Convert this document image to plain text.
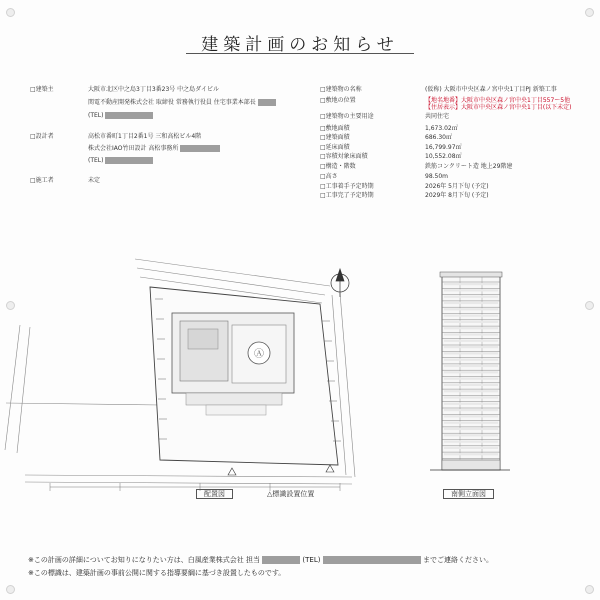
建築計画のお知らせ
□建築主	大阪市北区中之島3丁目3番23号 中之島ダイビル
関電不動産開発株式会社 取締役 常務執行役員 住宅事業本部長
(TEL)
□設計者	高松市番町1丁目2番1号 三和高松ビル4階
株式会社IAO竹田設計 高松事務所
(TEL)
□施工者	未定
□建築物の名称	(仮称) 大阪市中央区森ノ宮中央1丁目PJ 新築工事
□敷地の位置	【地名地番】大阪市中央区森ノ宮中央1丁目557ー5他
【住居表示】大阪市中央区森ノ宮中央1丁目(以下未定)
□建築物の主要用途	共同住宅
□敷地面積	1,673.02㎡
□建築面積	686.30㎡
□延床面積	16,799.97㎡
□容積対象床面積	10,552.08㎡
□構造・階数	鉄筋コンクリート造 地上29階建
□高さ	98.50m
□工事着手予定時期	2026年 5月下旬 (予定)
□工事完了予定時期	2029年 8月下旬 (予定)
Ⓐ
配置図	△標識設置位置	南側立面図
※この計画の詳細についてお知りになりたい方は、白風産業株式会社 担当	(TEL)	までご連絡ください。
※この標識は、建築計画の事前公開に関する指導要綱に基づき設置したものです。
